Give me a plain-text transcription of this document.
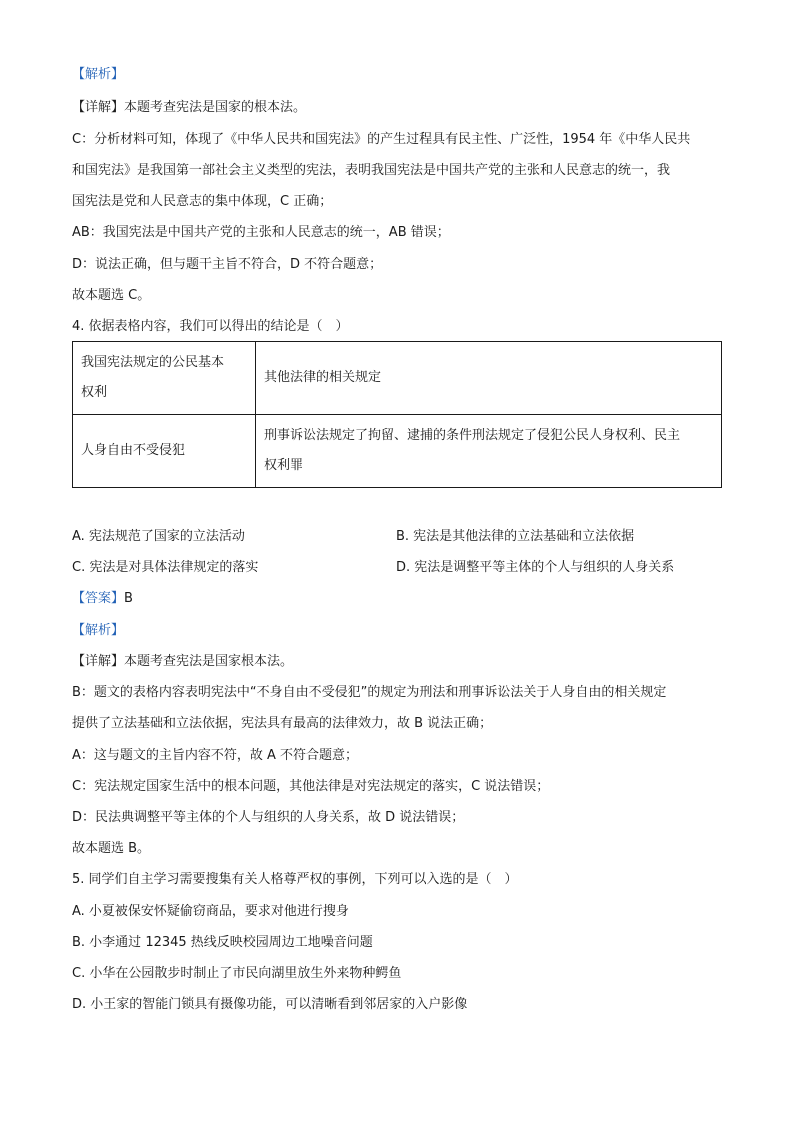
【解析】
【详解】本题考查宪法是国家的根本法。
C：分析材料可知，体现了《中华人民共和国宪法》的产生过程具有民主性、广泛性，1954 年《中华人民共
和国宪法》是我国第一部社会主义类型的宪法，表明我国宪法是中国共产党的主张和人民意志的统一，我
国宪法是党和人民意志的集中体现，C 正确；
AB：我国宪法是中国共产党的主张和人民意志的统一，AB 错误；
D：说法正确，但与题干主旨不符合，D 不符合题意；
故本题选 C。
4. 依据表格内容，我们可以得出的结论是（　）
我国宪法规定的公民基本
权利	其他法律的相关规定
人身自由不受侵犯	刑事诉讼法规定了拘留、逮捕的条件刑法规定了侵犯公民人身权利、民主
权利罪
A. 宪法规范了国家的立法活动	B. 宪法是其他法律的立法基础和立法依据
C. 宪法是对具体法律规定的落实	D. 宪法是调整平等主体的个人与组织的人身关系
【答案】B
【解析】
【详解】本题考查宪法是国家根本法。
B：题文的表格内容表明宪法中“不身自由不受侵犯”的规定为刑法和刑事诉讼法关于人身自由的相关规定
提供了立法基础和立法依据，宪法具有最高的法律效力，故 B 说法正确；
A：这与题文的主旨内容不符，故 A 不符合题意；
C：宪法规定国家生活中的根本问题，其他法律是对宪法规定的落实，C 说法错误；
D：民法典调整平等主体的个人与组织的人身关系，故 D 说法错误；
故本题选 B。
5. 同学们自主学习需要搜集有关人格尊严权的事例，下列可以入选的是（　）
A. 小夏被保安怀疑偷窃商品，要求对他进行搜身
B. 小李通过 12345 热线反映校园周边工地噪音问题
C. 小华在公园散步时制止了市民向湖里放生外来物种鳄鱼
D. 小王家的智能门锁具有摄像功能，可以清晰看到邻居家的入户影像
